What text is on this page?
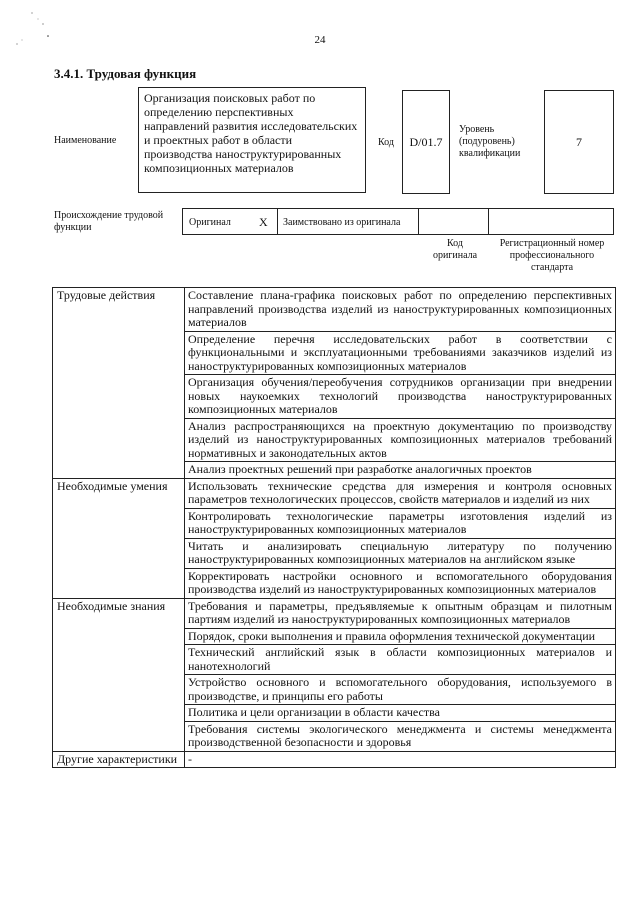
24
3.4.1. Трудовая функция
Наименование
Организация поисковых работ по определению перспективных направлений развития исследовательских и проектных работ в области производства наноструктурированных композиционных материалов
Код	D/01.7
Уровень (подуровень) квалификации
7
Происхождение трудовой функции	Оригинал X Заимствовано из оригинала
Код оригинала
Регистрационный номер профессионального стандарта
Трудовые действия	Составление плана-графика поисковых работ по определению перспективных направлений производства изделий из наноструктурированных композиционных материалов
	Определение перечня исследовательских работ в соответствии с функциональными и эксплуатационными требованиями заказчиков изделий из наноструктурированных композиционных материалов
	Организация обучения/переобучения сотрудников организации при внедрении новых наукоемких технологий производства наноструктурированных композиционных материалов
	Анализ распространяющихся на проектную документацию по производству изделий из наноструктурированных композиционных материалов требований нормативных и законодательных актов
	Анализ проектных решений при разработке аналогичных проектов
Необходимые умения	Использовать технические средства для измерения и контроля основных параметров технологических процессов, свойств материалов и изделий из них
	Контролировать технологические параметры изготовления изделий из наноструктурированных композиционных материалов
	Читать и анализировать специальную литературу по получению наноструктурированных композиционных материалов на английском языке
	Корректировать настройки основного и вспомогательного оборудования производства изделий из наноструктурированных композиционных материалов
Необходимые знания	Требования и параметры, предъявляемые к опытным образцам и пилотным партиям изделий из наноструктурированных композиционных материалов
	Порядок, сроки выполнения и правила оформления технической документации
	Технический английский язык в области композиционных материалов и нанотехнологий
	Устройство основного и вспомогательного оборудования, используемого в производстве, и принципы его работы
	Политика и цели организации в области качества
	Требования системы экологического менеджмента и системы менеджмента производственной безопасности и здоровья
Другие характеристики	-
